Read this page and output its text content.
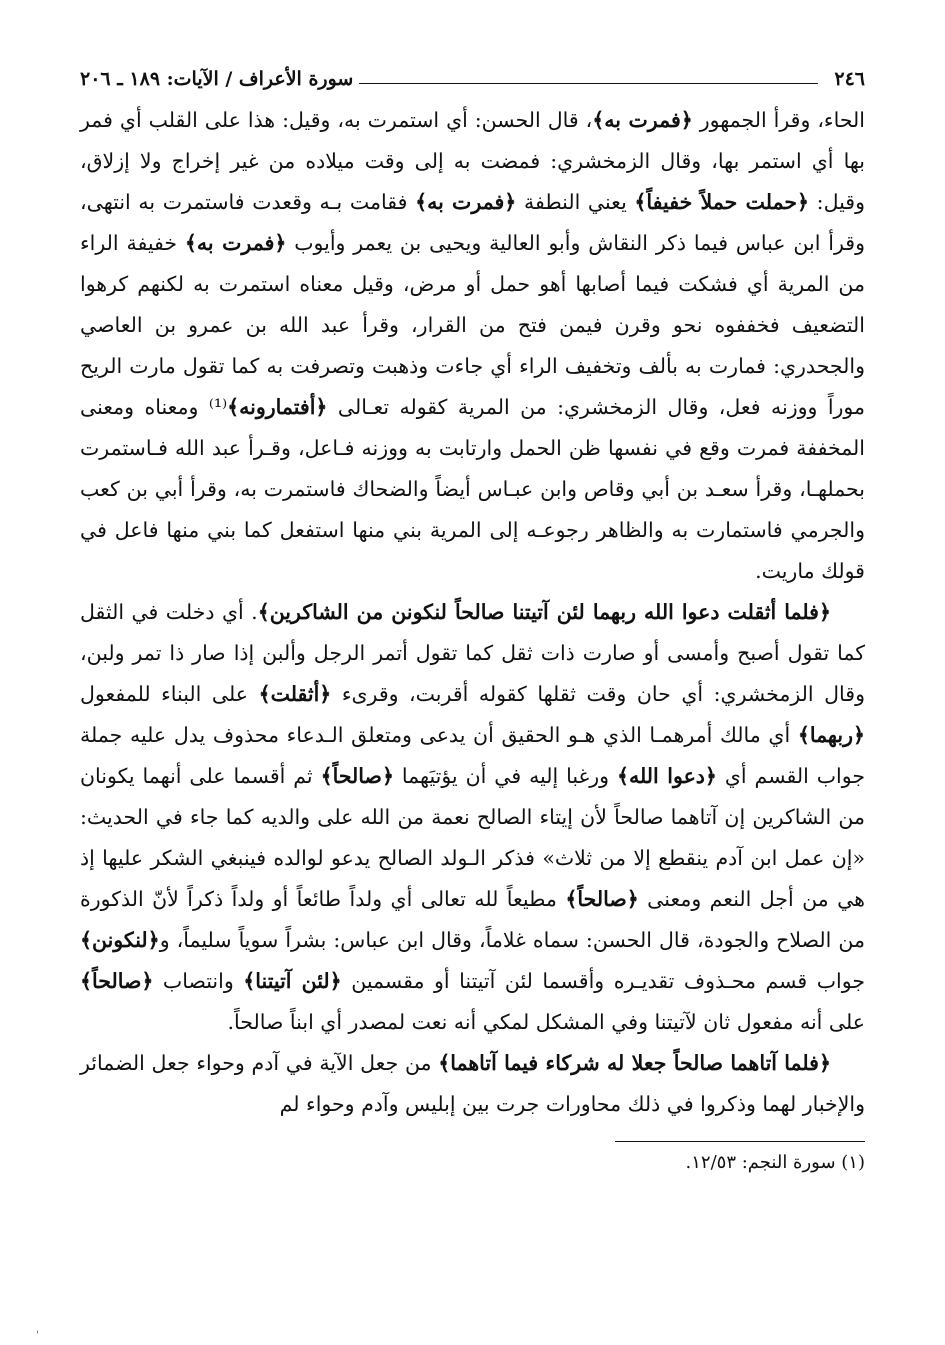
٢٤٦
سورة الأعراف / الآيات: ١٨٩ ـ ٢٠٦

الحاء، وقرأ الجمهور ﴿فمرت به﴾، قال الحسن: أي استمرت به، وقيل: هذا على القلب أي فمر بها أي استمر بها، وقال الزمخشري: فمضت به إلى وقت ميلاده من غير إخراج ولا إزلاق، وقيل: ﴿حملت حملاً خفيفاً﴾ يعني النطفة ﴿فمرت به﴾ فقامت بـه وقعدت فاستمرت به انتهى، وقرأ ابن عباس فيما ذكر النقاش وأبو العالية ويحيى بن يعمر وأيوب ﴿فمرت به﴾ خفيفة الراء من المرية أي فشكت فيما أصابها أهو حمل أو مرض، وقيل معناه استمرت به لكنهم كرهوا التضعيف فخففوه نحو وقرن فيمن فتح من القرار، وقرأ عبد الله بن عمرو بن العاصي والجحدري: فمارت به بألف وتخفيف الراء أي جاءت وذهبت وتصرفت به كما تقول مارت الريح موراً ووزنه فعل، وقال الزمخشري: من المرية كقوله تعـالى ﴿أفتمارونه﴾⁽¹⁾ ومعناه ومعنى المخففة فمرت وقع في نفسها ظن الحمل وارتابت به ووزنه فـاعل، وقـرأ عبد الله فـاستمرت بحملهـا، وقرأ سعـد بن أبي وقاص وابن عبـاس أيضاً والضحاك فاستمرت به، وقرأ أبي بن كعب والجرمي فاستمارت به والظاهر رجوعـه إلى المرية بني منها استفعل كما بني منها فاعل في قولك ماريت.

﴿فلما أثقلت دعوا الله ربهما لئن آتيتنا صالحاً لنكونن من الشاكرين﴾. أي دخلت في الثقل كما تقول أصبح وأمسى أو صارت ذات ثقل كما تقول أتمر الرجل وألبن إذا صار ذا تمر ولبن، وقال الزمخشري: أي حان وقت ثقلها كقوله أقربت، وقرىء ﴿أثقلت﴾ على البناء للمفعول ﴿ربهما﴾ أي مالك أمرهمـا الذي هـو الحقيق أن يدعى ومتعلق الـدعاء محذوف يدل عليه جملة جواب القسم أي ﴿دعوا الله﴾ ورغبا إليه في أن يؤتيَهما ﴿صالحاً﴾ ثم أقسما على أنهما يكونان من الشاكرين إن آتاهما صالحاً لأن إيتاء الصالح نعمة من الله على والديه كما جاء في الحديث: «إن عمل ابن آدم ينقطع إلا من ثلاث» فذكر الـولد الصالح يدعو لوالده فينبغي الشكر عليها إذ هي من أجل النعم ومعنى ﴿صالحاً﴾ مطيعاً لله تعالى أي ولداً طائعاً أو ولداً ذكراً لأنّ الذكورة من الصلاح والجودة، قال الحسن: سماه غلاماً، وقال ابن عباس: بشراً سوياً سليماً، و﴿لنكونن﴾ جواب قسم محـذوف تقديـره وأقسما لئن آتيتنا أو مقسمين ﴿لئن آتيتنا﴾ وانتصاب ﴿صالحاً﴾ على أنه مفعول ثان لآتيتنا وفي المشكل لمكي أنه نعت لمصدر أي ابناً صالحاً.

﴿فلما آتاهما صالحاً جعلا له شركاء فيما آتاهما﴾ من جعل الآية في آدم وحواء جعل الضمائر والإخبار لهما وذكروا في ذلك محاورات جرت بين إبليس وآدم وحواء لم

(١) سورة النجم: ١٢/٥٣.
'
